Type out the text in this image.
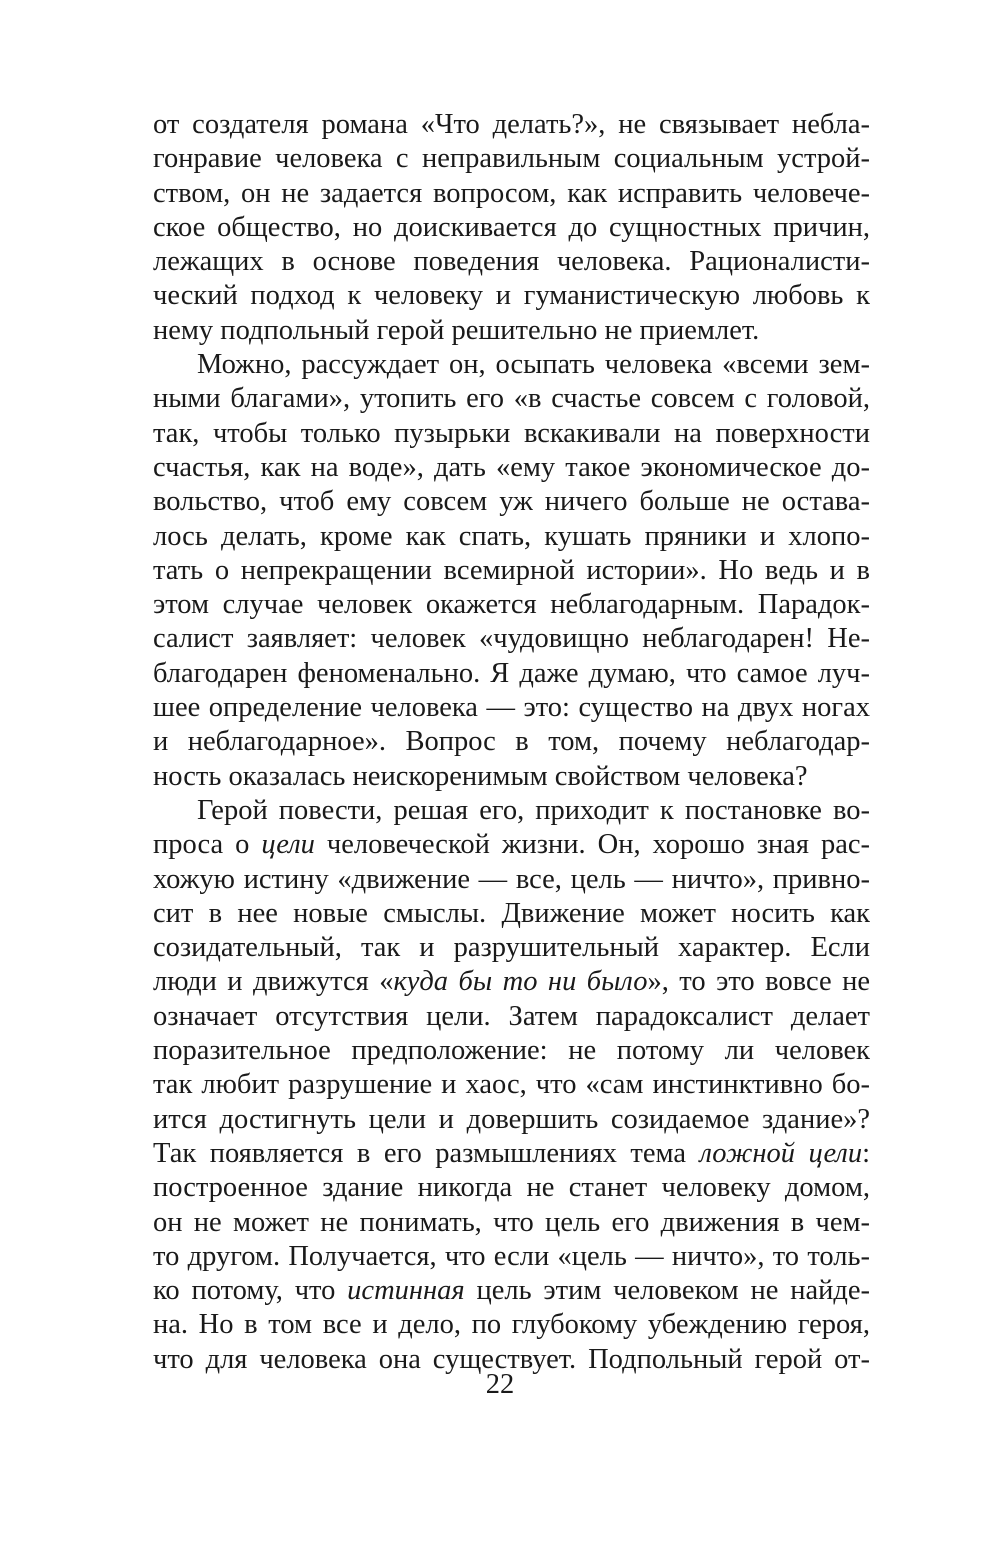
от создателя романа «Что делать?», не связывает небла-
гонравие человека с неправильным социальным устрой-
ством, он не задается вопросом, как исправить человече-
ское общество, но доискивается до сущностных причин,
лежащих в основе поведения человека. Рационалисти-
ческий подход к человеку и гуманистическую любовь к
нему подпольный герой решительно не приемлет.
Можно, рассуждает он, осыпать человека «всеми зем-
ными благами», утопить его «в счастье совсем с головой,
так, чтобы только пузырьки вскакивали на поверхности
счастья, как на воде», дать «ему такое экономическое до-
вольство, чтоб ему совсем уж ничего больше не остава-
лось делать, кроме как спать, кушать пряники и хлопо-
тать о непрекращении всемирной истории». Но ведь и в
этом случае человек окажется неблагодарным. Парадок-
салист заявляет: человек «чудовищно неблагодарен! Не-
благодарен феноменально. Я даже думаю, что самое луч-
шее определение человека — это: существо на двух ногах
и неблагодарное». Вопрос в том, почему неблагодар-
ность оказалась неискоренимым свойством человека?
Герой повести, решая его, приходит к постановке во-
проса о цели человеческой жизни. Он, хорошо зная рас-
хожую истину «движение — все, цель — ничто», привно-
сит в нее новые смыслы. Движение может носить как
созидательный, так и разрушительный характер. Если
люди и движутся «куда бы то ни было», то это вовсе не
означает отсутствия цели. Затем парадоксалист делает
поразительное предположение: не потому ли человек
так любит разрушение и хаос, что «сам инстинктивно бо-
ится достигнуть цели и довершить созидаемое здание»?
Так появляется в его размышлениях тема ложной цели:
построенное здание никогда не станет человеку домом,
он не может не понимать, что цель его движения в чем-
то другом. Получается, что если «цель — ничто», то толь-
ко потому, что истинная цель этим человеком не найде-
на. Но в том все и дело, по глубокому убеждению героя,
что для человека она существует. Подпольный герой от-
22
